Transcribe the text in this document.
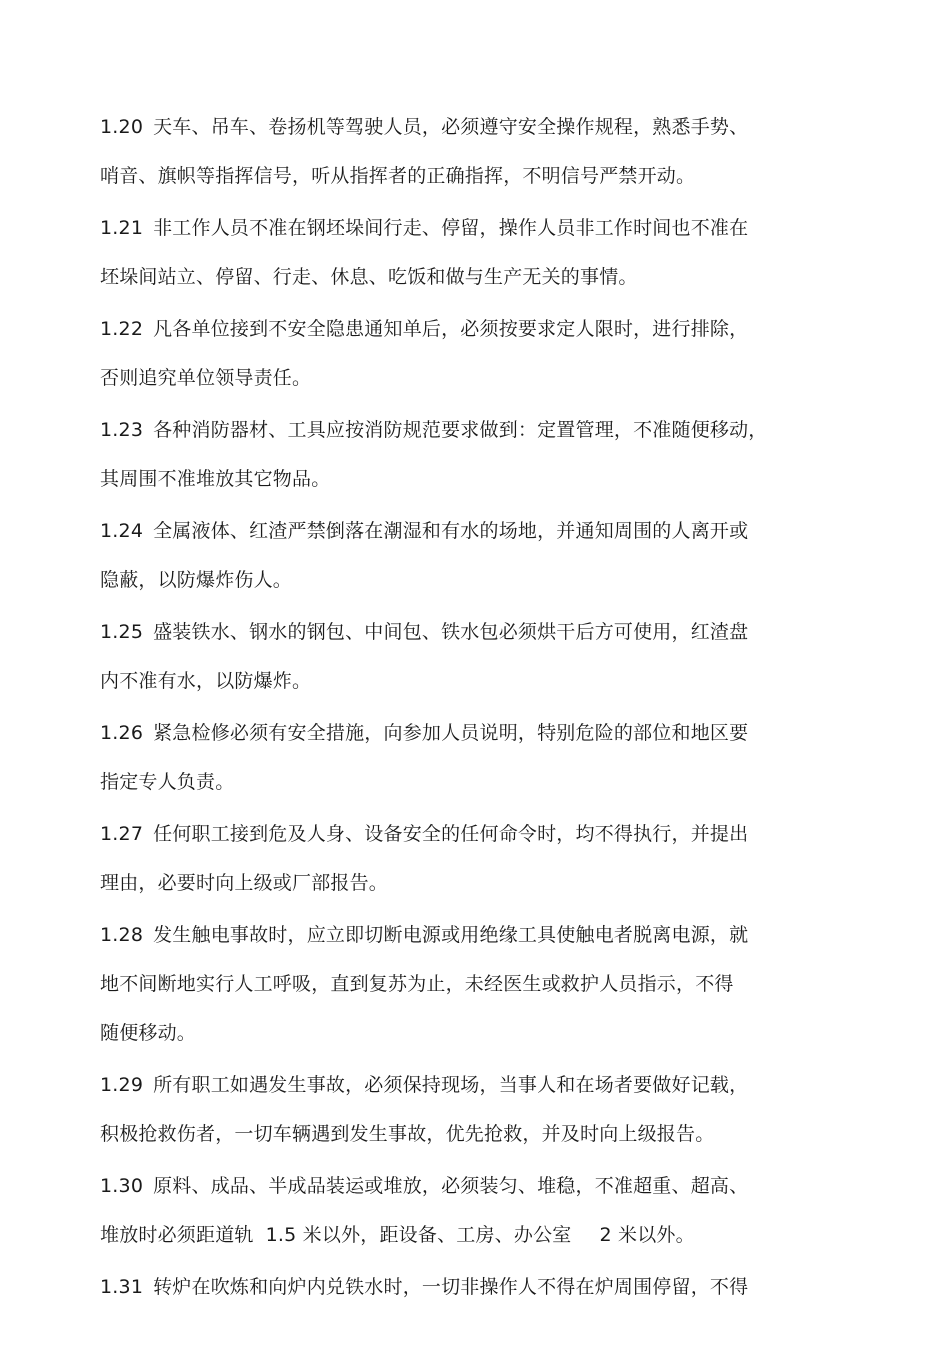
1.20 天车、吊车、卷扬机等驾驶人员，必须遵守安全操作规程，熟悉手势、
哨音、旗帜等指挥信号，听从指挥者的正确指挥，不明信号严禁开动。
1.21 非工作人员不准在钢坯垛间行走、停留，操作人员非工作时间也不准在
坯垛间站立、停留、行走、休息、吃饭和做与生产无关的事情。
1.22 凡各单位接到不安全隐患通知单后，必须按要求定人限时，进行排除，
否则追究单位领导责任。
1.23 各种消防器材、工具应按消防规范要求做到：定置管理，不准随便移动，
其周围不准堆放其它物品。
1.24 全属液体、红渣严禁倒落在潮湿和有水的场地，并通知周围的人离开或
隐蔽，以防爆炸伤人。
1.25 盛装铁水、钢水的钢包、中间包、铁水包必须烘干后方可使用，红渣盘
内不准有水，以防爆炸。
1.26 紧急检修必须有安全措施，向参加人员说明，特别危险的部位和地区要
指定专人负责。
1.27 任何职工接到危及人身、设备安全的任何命令时，均不得执行，并提出
理由，必要时向上级或厂部报告。
1.28 发生触电事故时，应立即切断电源或用绝缘工具使触电者脱离电源，就
地不间断地实行人工呼吸，直到复苏为止，未经医生或救护人员指示，不得
随便移动。
1.29 所有职工如遇发生事故，必须保持现场，当事人和在场者要做好记载，
积极抢救伤者，一切车辆遇到发生事故，优先抢救，并及时向上级报告。
1.30 原料、成品、半成品装运或堆放，必须装匀、堆稳，不准超重、超高、
堆放时必须距道轨 1.5 米以外，距设备、工房、办公室 2 米以外。
1.31 转炉在吹炼和向炉内兑铁水时，一切非操作人不得在炉周围停留，不得
